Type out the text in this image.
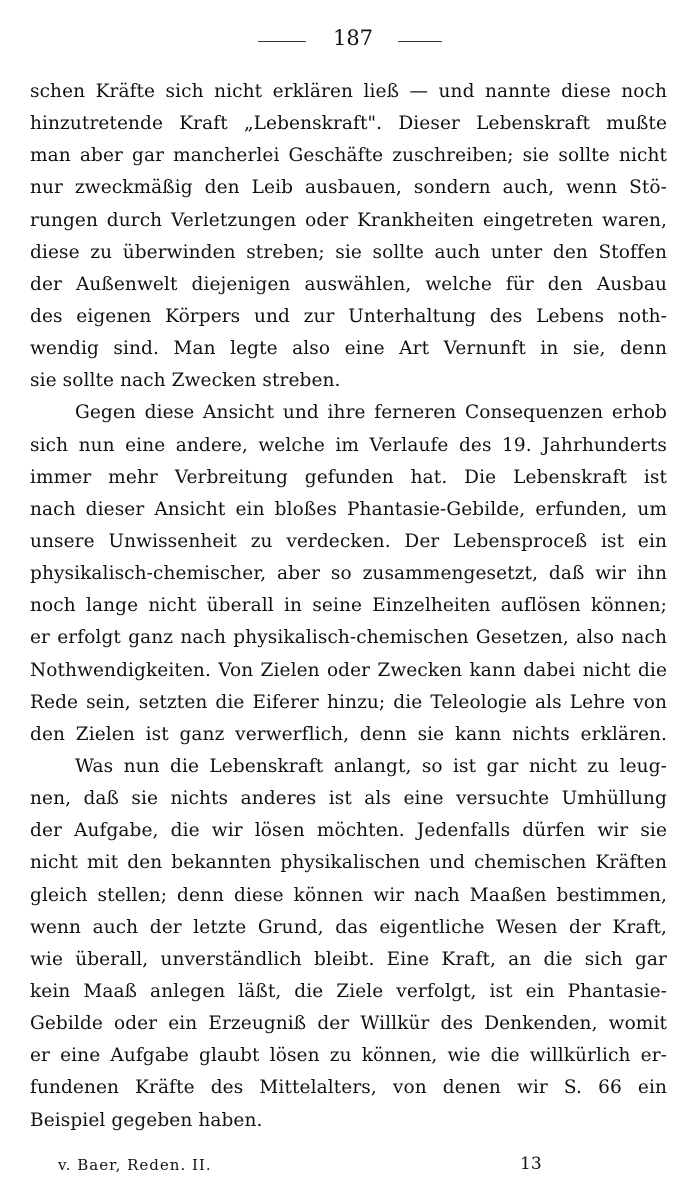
187
schen Kräfte sich nicht erklären ließ — und nannte diese noch
hinzutretende Kraft „Lebenskraft". Dieser Lebenskraft mußte
man aber gar mancherlei Geschäfte zuschreiben; sie sollte nicht
nur zweckmäßig den Leib ausbauen, sondern auch, wenn Stö-
rungen durch Verletzungen oder Krankheiten eingetreten waren,
diese zu überwinden streben; sie sollte auch unter den Stoffen
der Außenwelt diejenigen auswählen, welche für den Ausbau
des eigenen Körpers und zur Unterhaltung des Lebens noth-
wendig sind. Man legte also eine Art Vernunft in sie, denn
sie sollte nach Zwecken streben.
Gegen diese Ansicht und ihre ferneren Consequenzen erhob
sich nun eine andere, welche im Verlaufe des 19. Jahrhunderts
immer mehr Verbreitung gefunden hat. Die Lebenskraft ist
nach dieser Ansicht ein bloßes Phantasie-Gebilde, erfunden, um
unsere Unwissenheit zu verdecken. Der Lebensproceß ist ein
physikalisch-chemischer, aber so zusammengesetzt, daß wir ihn
noch lange nicht überall in seine Einzelheiten auflösen können;
er erfolgt ganz nach physikalisch-chemischen Gesetzen, also nach
Nothwendigkeiten. Von Zielen oder Zwecken kann dabei nicht die
Rede sein, setzten die Eiferer hinzu; die Teleologie als Lehre von
den Zielen ist ganz verwerflich, denn sie kann nichts erklären.
Was nun die Lebenskraft anlangt, so ist gar nicht zu leug-
nen, daß sie nichts anderes ist als eine versuchte Umhüllung
der Aufgabe, die wir lösen möchten. Jedenfalls dürfen wir sie
nicht mit den bekannten physikalischen und chemischen Kräften
gleich stellen; denn diese können wir nach Maaßen bestimmen,
wenn auch der letzte Grund, das eigentliche Wesen der Kraft,
wie überall, unverständlich bleibt. Eine Kraft, an die sich gar
kein Maaß anlegen läßt, die Ziele verfolgt, ist ein Phantasie-
Gebilde oder ein Erzeugniß der Willkür des Denkenden, womit
er eine Aufgabe glaubt lösen zu können, wie die willkürlich er-
fundenen Kräfte des Mittelalters, von denen wir S. 66 ein
Beispiel gegeben haben.
v. Baer, Reden. II.	13
